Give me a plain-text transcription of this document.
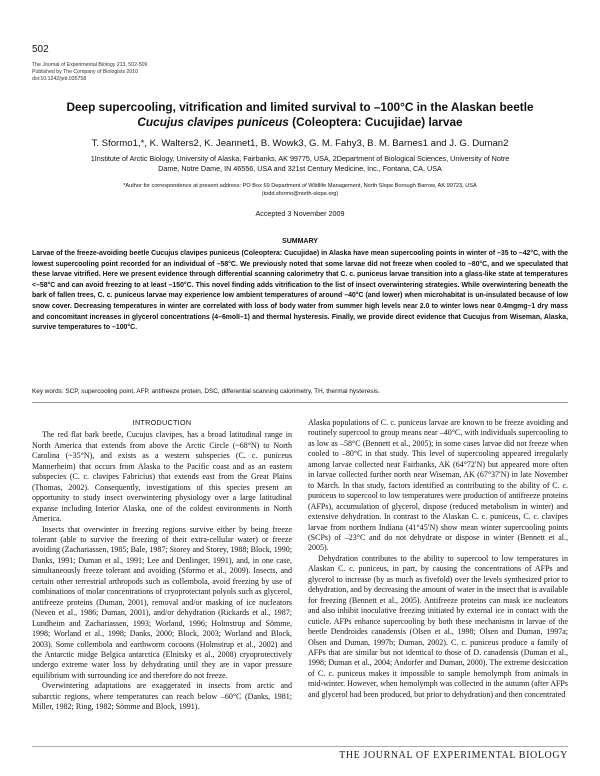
502
The Journal of Experimental Biology 213, 502-509
Published by The Company of Biologists 2010
doi:10.1242/jeb.035758
Deep supercooling, vitrification and limited survival to –100°C in the Alaskan beetle
Cucujus clavipes puniceus (Coleoptera: Cucujidae) larvae
T. Sformo1,*, K. Walters2, K. Jeannet1, B. Wowk3, G. M. Fahy3, B. M. Barnes1 and J. G. Duman2
1Institute of Arctic Biology, University of Alaska, Fairbanks, AK 99775, USA, 2Department of Biological Sciences, University of Notre
Dame, Notre Dame, IN 46556, USA and 321st Century Medicine, Inc., Fontana, CA, USA
*Author for correspondence at present address: PO Box 69 Department of Wildlife Management, North Slope Borough Barrow, AK 99723, USA
(todd.sformo@north-slope.org)
Accepted 3 November 2009
SUMMARY
Larvae of the freeze-avoiding beetle Cucujus clavipes puniceus (Coleoptera: Cucujidae) in Alaska have mean supercooling points in winter of –35 to –42°C, with the lowest supercooling point recorded for an individual of –58°C. We previously noted that some larvae did not freeze when cooled to –80°C, and we speculated that these larvae vitrified. Here we present evidence through differential scanning calorimetry that C. c. puniceus larvae transition into a glass-like state at temperatures <–58°C and can avoid freezing to at least –150°C. This novel finding adds vitrification to the list of insect overwintering strategies. While overwintering beneath the bark of fallen trees, C. c. puniceus larvae may experience low ambient temperatures of around –40°C (and lower) when microhabitat is un-insulated because of low snow cover. Decreasing temperatures in winter are correlated with loss of body water from summer high levels near 2.0 to winter lows near 0.4mgmg–1 dry mass and concomitant increases in glycerol concentrations (4–6molI–1) and thermal hysteresis. Finally, we provide direct evidence that Cucujus from Wiseman, Alaska, survive temperatures to –100°C.
Key words: SCP, supercooling point, AFP, antifreeze protein, DSC, differential scanning calorimetry, TH, thermal hysteresis.
INTRODUCTION

The red flat bark beetle, Cucujus clavipes, has a broad latitudinal range in North America that extends from above the Arctic Circle (~68°N) to North Carolina (~35°N), and exists as a western subspecies (C. c. puniceus Mannerheim) that occurs from Alaska to the Pacific coast and as an eastern subspecies (C. c. clavipes Fabricius) that extends east from the Great Plains (Thomas, 2002). Consequently, investigations of this species present an opportunity to study insect overwintering physiology over a large latitudinal expanse including Interior Alaska, one of the coldest environments in North America.

Insects that overwinter in freezing regions survive either by being freeze tolerant (able to survive the freezing of their extra-cellular water) or freeze avoiding (Zachariassen, 1985; Bale, 1987; Storey and Storey, 1988; Block, 1990; Danks, 1991; Duman et al., 1991; Lee and Denlinger, 1991), and, in one case, simultaneously freeze tolerant and avoiding (Sformo et al., 2009). Insects, and certain other terrestrial arthropods such as collembola, avoid freezing by use of combinations of molar concentrations of cryoprotectant polyols such as glycerol, antifreeze proteins (Duman, 2001), removal and/or masking of ice nucleators (Neven et al., 1986; Duman, 2001), and/or dehydration (Rickards et al., 1987; Lundheim and Zachariassen, 1993; Worland, 1996; Holmstrup and Sömme, 1998; Worland et al., 1998; Danks, 2000; Block, 2003; Worland and Block, 2003). Some collembola and earthworm cocoons (Holmstrup et al., 2002) and the Antarctic midge Belgica antarctica (Elnitsky et al., 2008) cryoprotectively undergo extreme water loss by dehydrating until they are in vapor pressure equilibrium with surrounding ice and therefore do not freeze.

Overwintering adaptations are exaggerated in insects from arctic and subarctic regions, where temperatures can reach below –60°C (Danks, 1981; Miller, 1982; Ring, 1982; Sömme and Block, 1991).

Alaska populations of C. c. puniceus larvae are known to be freeze avoiding and routinely supercool to group means near –40°C, with individuals supercooling to as low as –58°C (Bennett et al., 2005); in some cases larvae did not freeze when cooled to –80°C in that study. This level of supercooling appeared irregularly among larvae collected near Fairbanks, AK (64°72′N) but appeared more often in larvae collected further north near Wiseman, AK (67°37′N) in late November to March. In that study, factors identified as contributing to the ability of C. c. puniceus to supercool to low temperatures were production of antifreeze proteins (AFPs), accumulation of glycerol, dispose (reduced metabolism in winter) and extensive dehydration. In contrast to the Alaskan C. c. puniceus, C. c. clavipes larvae from northern Indiana (41°45′N) show mean winter supercooling points (SCPs) of –23°C and do not dehydrate or dispose in winter (Bennett et al., 2005).

Dehydration contributes to the ability to supercool to low temperatures in Alaskan C. c. puniceus, in part, by causing the concentrations of AFPs and glycerol to increase (by as much as fivefold) over the levels synthesized prior to dehydration, and by decreasing the amount of water in the insect that is available for freezing (Bennett et al., 2005). Antifreeze proteins can mask ice nucleators and also inhibit inoculative freezing initiated by external ice in contact with the cuticle. AFPs enhance supercooling by both these mechanisms in larvae of the beetle Dendroides canadensis (Olsen et al., 1998; Olsen and Duman, 1997a; Olsen and Duman, 1997b; Duman, 2002). C. c. puniceus produce a family of AFPs that are similar but not identical to those of D. canadensis (Duman et al., 1998; Duman et al., 2004; Andorfer and Duman, 2000). The extreme desiccation of C. c. puniceus makes it impossible to sample hemolymph from animals in mid-winter. However, when hemolymph was collected in the autumn (after AFPs and glycerol had been produced, but prior to dehydration) and then concentrated

THE JOURNAL OF EXPERIMENTAL BIOLOGY
